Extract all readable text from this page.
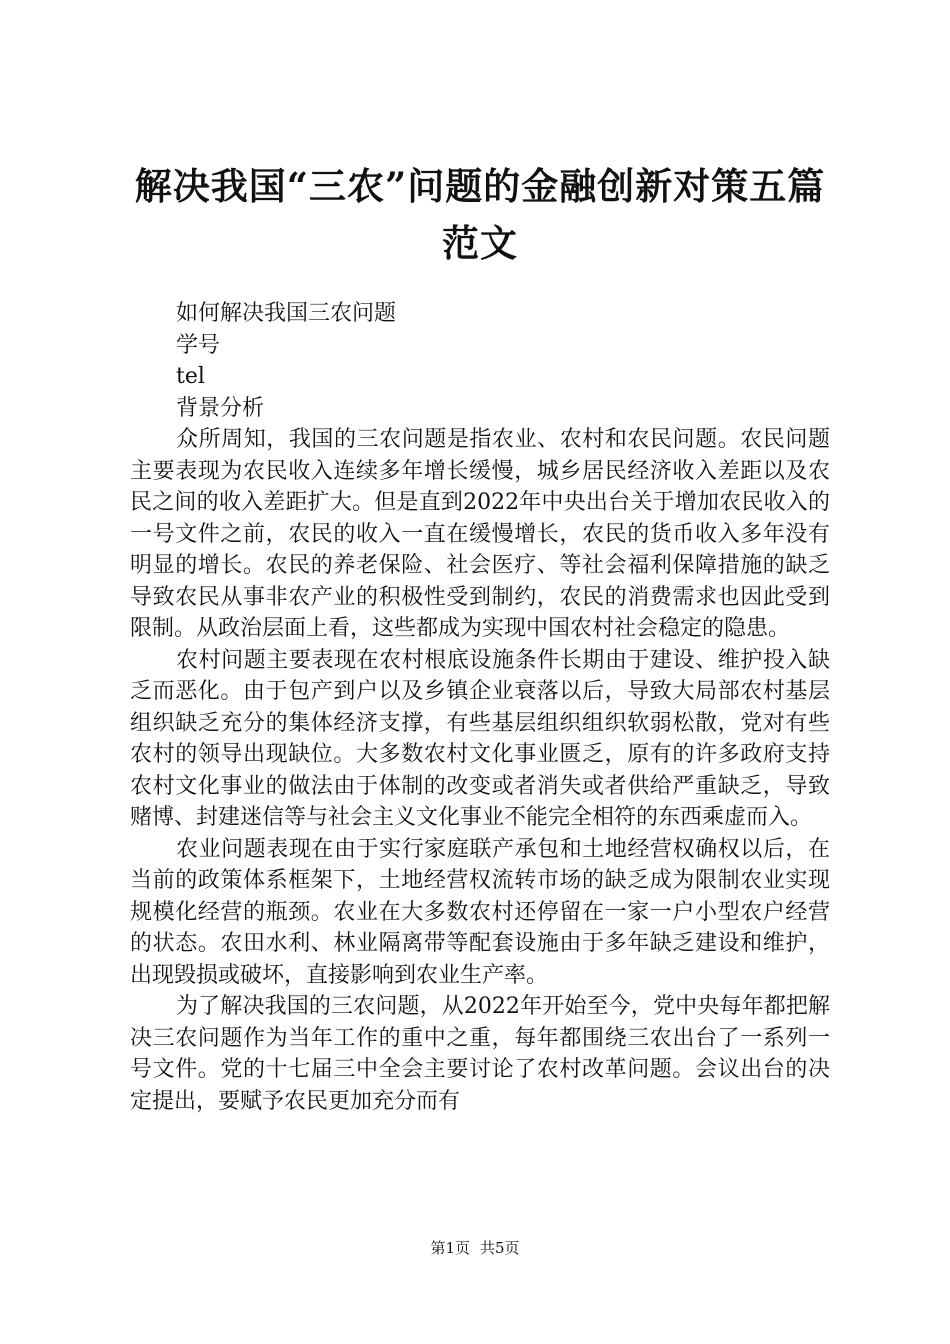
解决我国“三农”问题的金融创新对策五篇范文

如何解决我国三农问题

学号

tel

背景分析

众所周知，我国的三农问题是指农业、农村和农民问题。农民问题主要表现为农民收入连续多年增长缓慢，城乡居民经济收入差距以及农民之间的收入差距扩大。但是直到2022年中央出台关于增加农民收入的一号文件之前，农民的收入一直在缓慢增长，农民的货币收入多年没有明显的增长。农民的养老保险、社会医疗、等社会福利保障措施的缺乏导致农民从事非农产业的积极性受到制约，农民的消费需求也因此受到限制。从政治层面上看，这些都成为实现中国农村社会稳定的隐患。

农村问题主要表现在农村根底设施条件长期由于建设、维护投入缺乏而恶化。由于包产到户以及乡镇企业衰落以后，导致大局部农村基层组织缺乏充分的集体经济支撑，有些基层组织组织软弱松散，党对有些农村的领导出现缺位。大多数农村文化事业匮乏，原有的许多政府支持农村文化事业的做法由于体制的改变或者消失或者供给严重缺乏，导致赌博、封建迷信等与社会主义文化事业不能完全相符的东西乘虚而入。

农业问题表现在由于实行家庭联产承包和土地经营权确权以后，在当前的政策体系框架下，土地经营权流转市场的缺乏成为限制农业实现规模化经营的瓶颈。农业在大多数农村还停留在一家一户小型农户经营的状态。农田水利、林业隔离带等配套设施由于多年缺乏建设和维护，出现毁损或破坏，直接影响到农业生产率。

为了解决我国的三农问题，从2022年开始至今，党中央每年都把解决三农问题作为当年工作的重中之重，每年都围绕三农出台了一系列一号文件。党的十七届三中全会主要讨论了农村改革问题。会议出台的决定提出，要赋予农民更加充分而有

第1页 共5页
